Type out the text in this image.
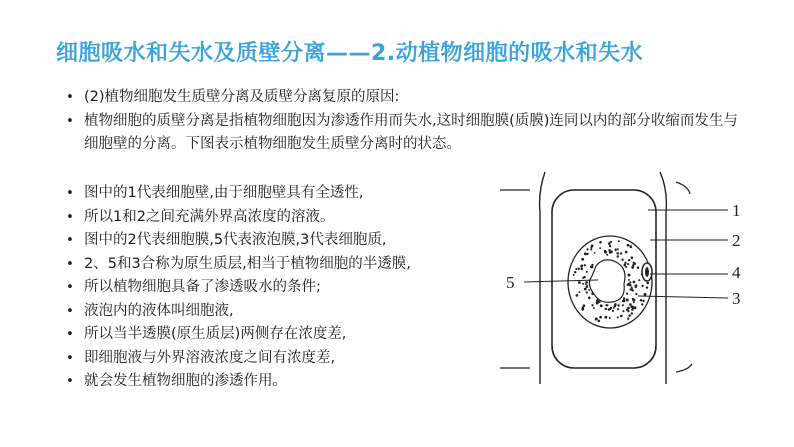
细胞吸水和失水及质壁分离——2.动植物细胞的吸水和失水
• (2)植物细胞发生质壁分离及质壁分离复原的原因:
• 植物细胞的质壁分离是指植物细胞因为渗透作用而失水,这时细胞膜(质膜)连同以内的部分收缩而发生与细胞壁的分离。下图表示植物细胞发生质壁分离时的状态。
• 图中的1代表细胞壁,由于细胞壁具有全透性,
• 所以1和2之间充满外界高浓度的溶液。
• 图中的2代表细胞膜,5代表液泡膜,3代表细胞质,
• 2、5和3合称为原生质层,相当于植物细胞的半透膜,
• 所以植物细胞具备了渗透吸水的条件;
• 液泡内的液体叫细胞液,
• 所以当半透膜(原生质层)两侧存在浓度差,
• 即细胞液与外界溶液浓度之间有浓度差,
• 就会发生植物细胞的渗透作用。
1
2
4
3
5
